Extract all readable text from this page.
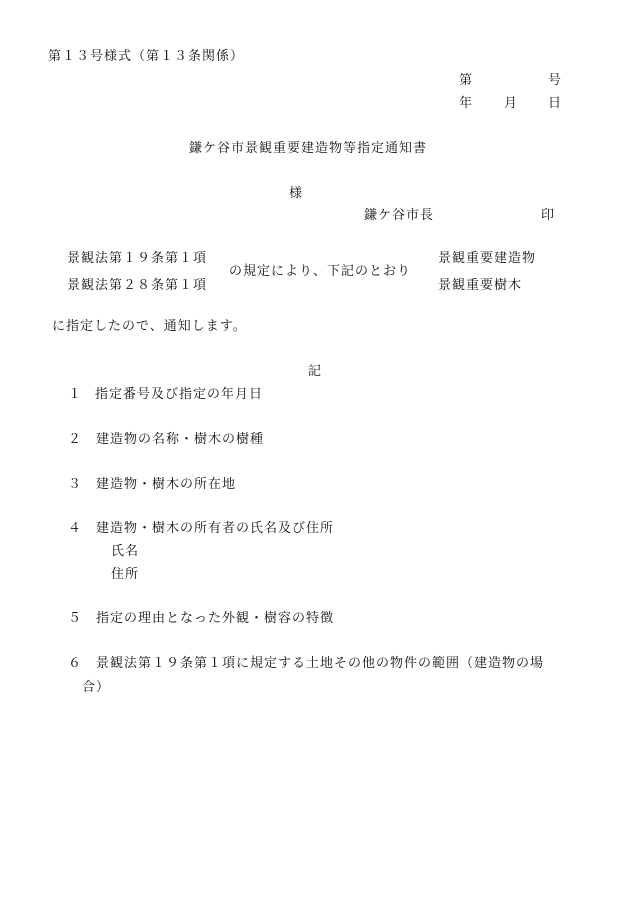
第１３号様式（第１３条関係）
第	号
年 月 日
鎌ケ谷市景観重要建造物等指定通知書
様
鎌ケ谷市長	印
景観法第１９条第１項
景観法第２８条第１項
の規定により、下記のとおり
景観重要建造物
景観重要樹木
に指定したので、通知します。
記
１ 指定番号及び指定の年月日
２ 建造物の名称・樹木の樹種
３ 建造物・樹木の所在地
４ 建造物・樹木の所有者の氏名及び住所
氏名
住所
５ 指定の理由となった外観・樹容の特徴
６ 景観法第１９条第１項に規定する土地その他の物件の範囲（建造物の場
合）
